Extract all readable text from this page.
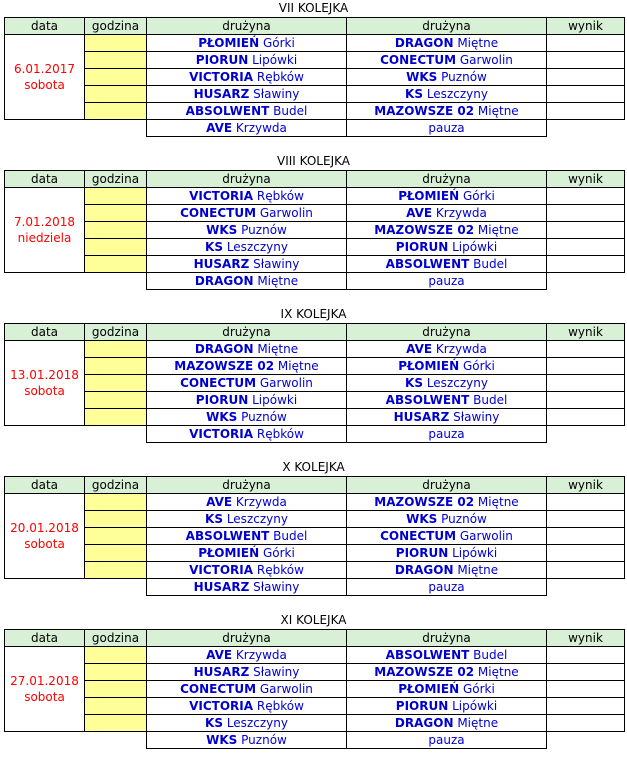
VII KOLEJKA
data	godzina	drużyna	drużyna	wynik

6.01.2017
sobota		PŁOMIEŃ Górki	DRAGON Miętne	
		PIORUN Lipówki	CONECTUM Garwolin	
		VICTORIA Rębków	WKS Puznów	
		HUSARZ Sławiny	KS Leszczyny	
		ABSOLWENT Budel	MAZOWSZE 02 Miętne	
		AVE Krzywda	pauza	
VIII KOLEJKA
data	godzina	drużyna	drużyna	wynik

7.01.2018
niedziela		VICTORIA Rębków	PŁOMIEŃ Górki	
		CONECTUM Garwolin	AVE Krzywda	
		WKS Puznów	MAZOWSZE 02 Miętne	
		KS Leszczyny	PIORUN Lipówki	
		HUSARZ Sławiny	ABSOLWENT Budel	
		DRAGON Miętne	pauza	
IX KOLEJKA
data	godzina	drużyna	drużyna	wynik

13.01.2018
sobota		DRAGON Miętne	AVE Krzywda	
		MAZOWSZE 02 Miętne	PŁOMIEŃ Górki	
		CONECTUM Garwolin	KS Leszczyny	
		PIORUN Lipówki	ABSOLWENT Budel	
		WKS Puznów	HUSARZ Sławiny	
		VICTORIA Rębków	pauza	
X KOLEJKA
data	godzina	drużyna	drużyna	wynik

20.01.2018
sobota		AVE Krzywda	MAZOWSZE 02 Miętne	
		KS Leszczyny	WKS Puznów	
		ABSOLWENT Budel	CONECTUM Garwolin	
		PŁOMIEŃ Górki	PIORUN Lipówki	
		VICTORIA Rębków	DRAGON Miętne	
		HUSARZ Sławiny	pauza	
XI KOLEJKA
data	godzina	drużyna	drużyna	wynik

27.01.2018
sobota		AVE Krzywda	ABSOLWENT Budel	
		HUSARZ Sławiny	MAZOWSZE 02 Miętne	
		CONECTUM Garwolin	PŁOMIEŃ Górki	
		VICTORIA Rębków	PIORUN Lipówki	
		KS Leszczyny	DRAGON Miętne	
		WKS Puznów	pauza	
